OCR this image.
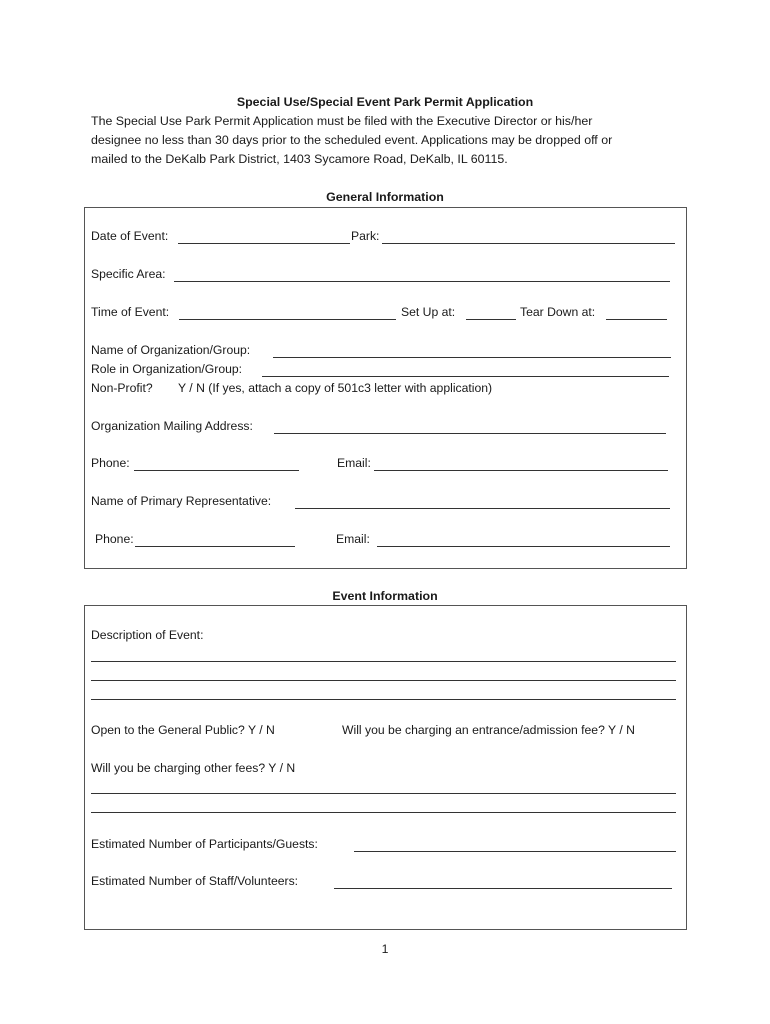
Special Use/Special Event Park Permit Application
The Special Use Park Permit Application must be filed with the Executive Director or his/her
designee no less than 30 days prior to the scheduled event. Applications may be dropped off or
mailed to the DeKalb Park District, 1403 Sycamore Road, DeKalb, IL 60115.
General Information
Date of Event:	Park:
Specific Area:
Time of Event:	Set Up at:	Tear Down at:
Name of Organization/Group:
Role in Organization/Group:
Non-Profit? Y / N (If yes, attach a copy of 501c3 letter with application)
Organization Mailing Address:
Phone:	Email:
Name of Primary Representative:
Phone:	Email:
Event Information
Description of Event:
Open to the General Public? Y / N	Will you be charging an entrance/admission fee? Y / N
Will you be charging other fees? Y / N
Estimated Number of Participants/Guests:
Estimated Number of Staff/Volunteers:
1
